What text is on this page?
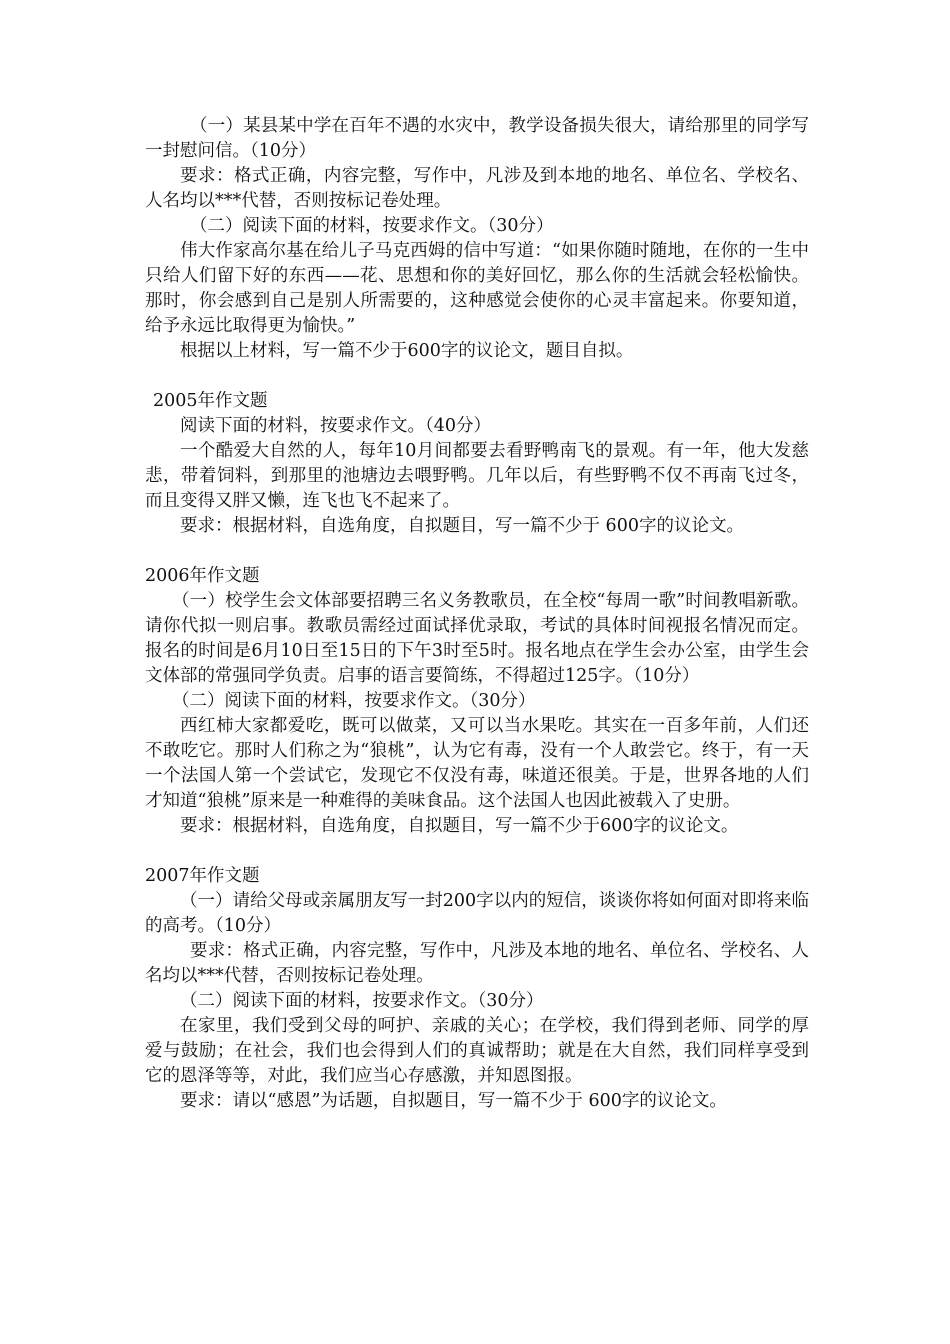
（一）某县某中学在百年不遇的水灾中，教学设备损失很大，请给那里的同学写一封慰问信。（10分）

要求：格式正确，内容完整，写作中，凡涉及到本地的地名、单位名、学校名、人名均以***代替，否则按标记卷处理。

（二）阅读下面的材料，按要求作文。（30分）

伟大作家高尔基在给儿子马克西姆的信中写道：“如果你随时随地，在你的一生中只给人们留下好的东西——花、思想和你的美好回忆，那么你的生活就会轻松愉快。那时，你会感到自己是别人所需要的，这种感觉会使你的心灵丰富起来。你要知道，给予永远比取得更为愉快。”

根据以上材料，写一篇不少于600字的议论文，题目自拟。

2005年作文题

阅读下面的材料，按要求作文。（40分）

一个酷爱大自然的人，每年10月间都要去看野鸭南飞的景观。有一年，他大发慈悲，带着饲料，到那里的池塘边去喂野鸭。几年以后，有些野鸭不仅不再南飞过冬，而且变得又胖又懒，连飞也飞不起来了。

要求：根据材料，自选角度，自拟题目，写一篇不少于 600字的议论文。

2006年作文题

（一）校学生会文体部要招聘三名义务教歌员，在全校“每周一歌”时间教唱新歌。请你代拟一则启事。教歌员需经过面试择优录取，考试的具体时间视报名情况而定。报名的时间是6月10日至15日的下午3时至5时。报名地点在学生会办公室，由学生会文体部的常强同学负责。启事的语言要简练，不得超过125字。（10分）

（二）阅读下面的材料，按要求作文。（30分）

西红柿大家都爱吃，既可以做菜，又可以当水果吃。其实在一百多年前，人们还不敢吃它。那时人们称之为“狼桃”，认为它有毒，没有一个人敢尝它。终于，有一天一个法国人第一个尝试它，发现它不仅没有毒，味道还很美。于是，世界各地的人们才知道“狼桃”原来是一种难得的美味食品。这个法国人也因此被载入了史册。

要求：根据材料，自选角度，自拟题目，写一篇不少于600字的议论文。

2007年作文题

（一）请给父母或亲属朋友写一封200字以内的短信，谈谈你将如何面对即将来临的高考。（10分）

要求：格式正确，内容完整，写作中，凡涉及本地的地名、单位名、学校名、人名均以***代替，否则按标记卷处理。

（二）阅读下面的材料，按要求作文。（30分）

在家里，我们受到父母的呵护、亲戚的关心；在学校，我们得到老师、同学的厚爱与鼓励；在社会，我们也会得到人们的真诚帮助；就是在大自然，我们同样享受到它的恩泽等等，对此，我们应当心存感激，并知恩图报。

要求：请以“感恩”为话题，自拟题目，写一篇不少于 600字的议论文。
